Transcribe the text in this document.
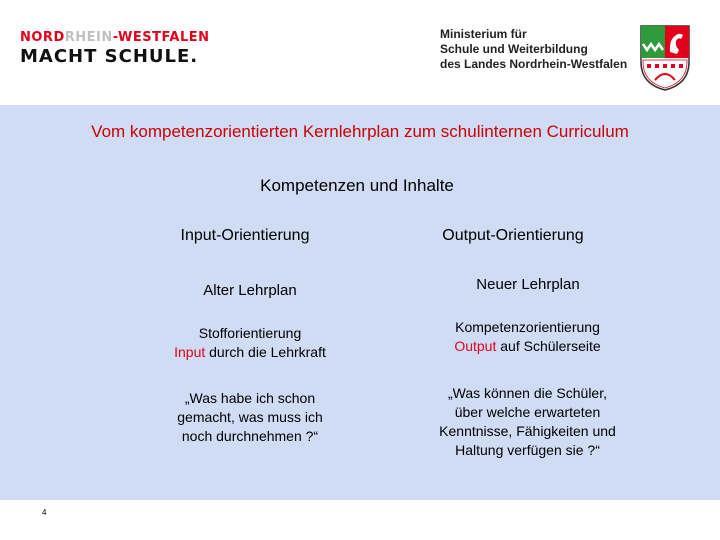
NORDRHEIN-WESTFALEN
MACHT SCHULE.
Ministerium für
Schule und Weiterbildung
des Landes Nordrhein-Westfalen
Vom kompetenzorientierten Kernlehrplan zum schulinternen Curriculum
Kompetenzen und Inhalte
Input-Orientierung	Output-Orientierung
Alter Lehrplan	Neuer Lehrplan
Stofforientierung
Input durch die Lehrkraft
Kompetenzorientierung
Output auf Schülerseite
„Was habe ich schon
gemacht, was muss ich
noch durchnehmen ?“
„Was können die Schüler,
über welche erwarteten
Kenntnisse, Fähigkeiten und
Haltung verfügen sie ?“
4
